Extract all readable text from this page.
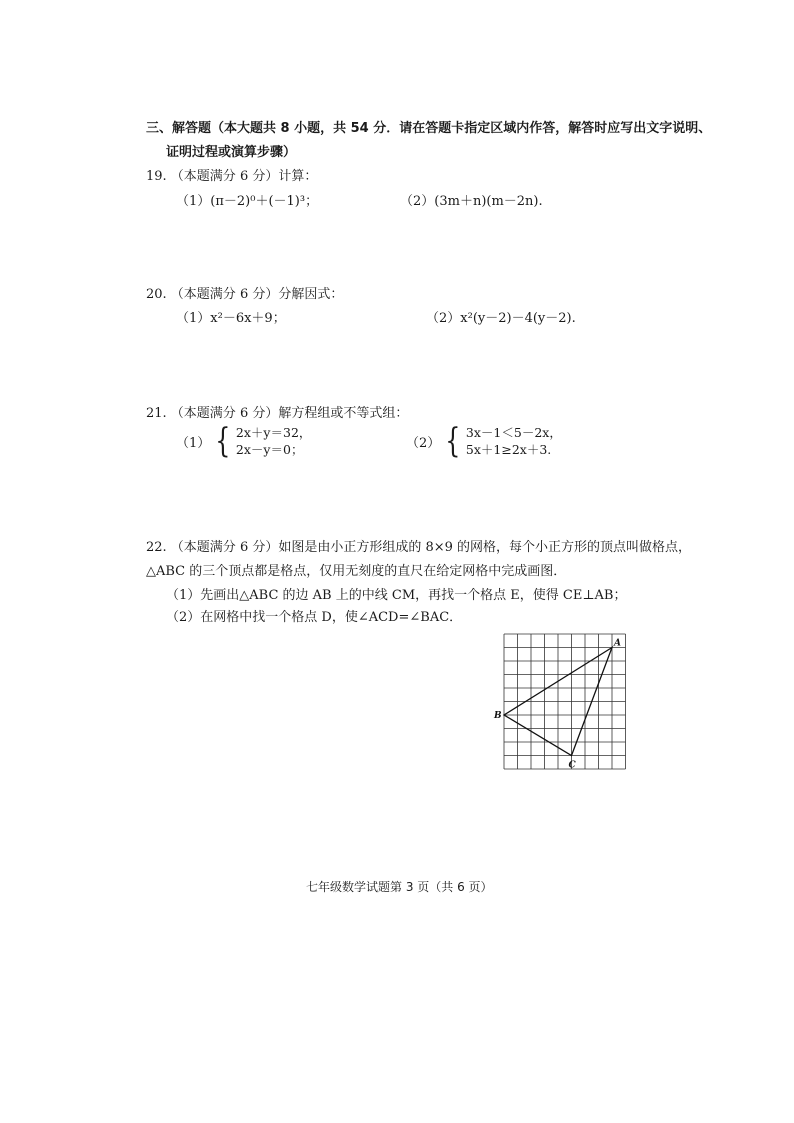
三、解答题（本大题共 8 小题，共 54 分．请在答题卡指定区域内作答，解答时应写出文字说明、
证明过程或演算步骤）
19. （本题满分 6 分）计算：
（1）(π－2)⁰＋(－1)³；	（2）(3m＋n)(m－2n).
20. （本题满分 6 分）分解因式：
（1）x²－6x＋9；	（2）x²(y－2)－4(y－2).
21. （本题满分 6 分）解方程组或不等式组：
（1） { 2x＋y＝32，
2x－y＝0；	（2） { 3x－1＜5－2x，
5x＋1≥2x＋3.
22. （本题满分 6 分）如图是由小正方形组成的 8×9 的网格，每个小正方形的顶点叫做格点，
△ABC 的三个顶点都是格点，仅用无刻度的直尺在给定网格中完成画图．
（1）先画出△ABC 的边 AB 上的中线 CM，再找一个格点 E，使得 CE⊥AB；
（2）在网格中找一个格点 D，使∠ACD=∠BAC．
A
B
C
七年级数学试题第 3 页（共 6 页）
